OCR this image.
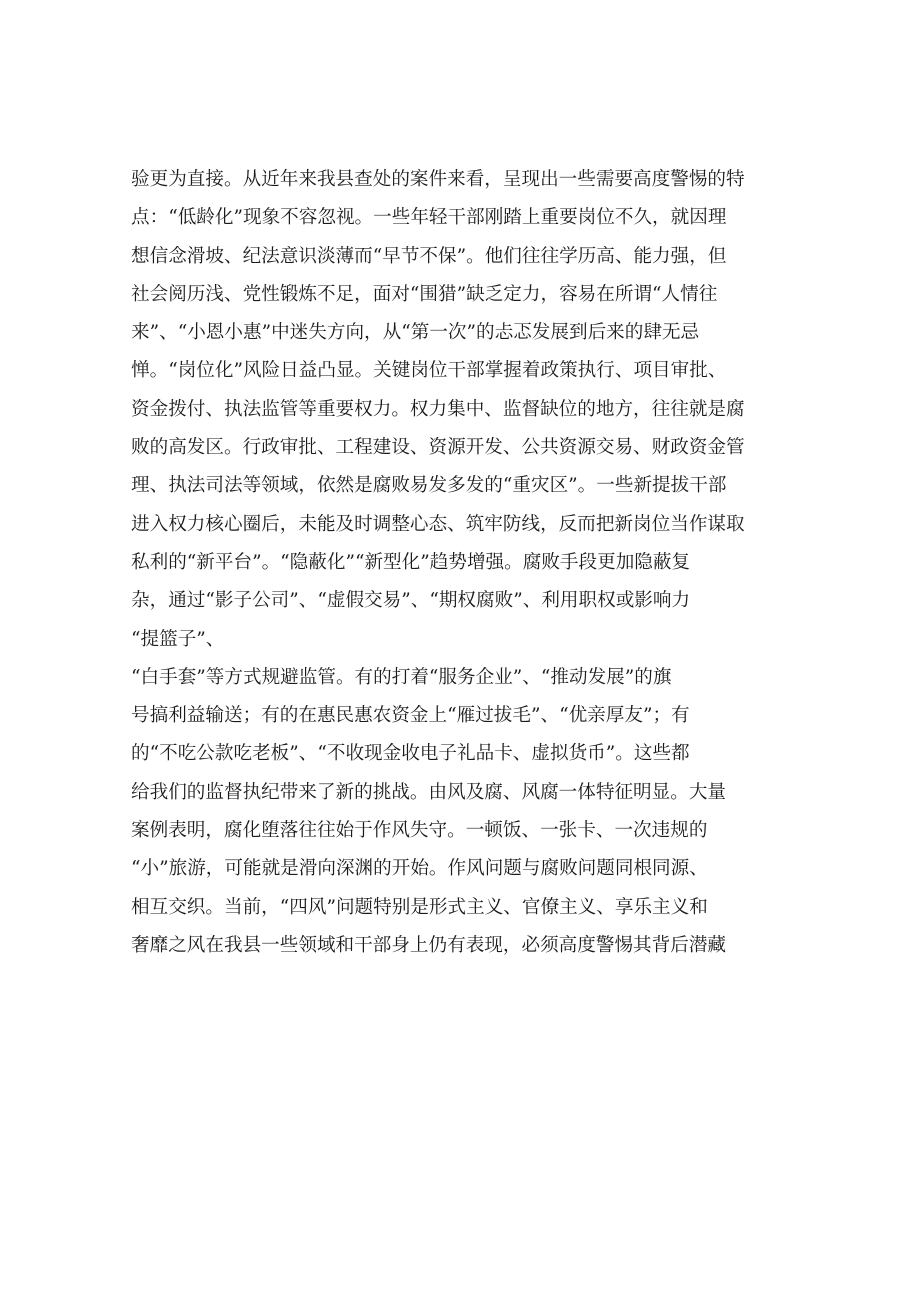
验更为直接。从近年来我县查处的案件来看，呈现出一些需要高度警惕的特
点：“低龄化”现象不容忽视。一些年轻干部刚踏上重要岗位不久，就因理
想信念滑坡、纪法意识淡薄而“早节不保”。他们往往学历高、能力强，但
社会阅历浅、党性锻炼不足，面对“围猎”缺乏定力，容易在所谓“人情往
来”、“小恩小惠”中迷失方向，从“第一次”的忐忑发展到后来的肆无忌
惮。“岗位化”风险日益凸显。关键岗位干部掌握着政策执行、项目审批、
资金拨付、执法监管等重要权力。权力集中、监督缺位的地方，往往就是腐
败的高发区。行政审批、工程建设、资源开发、公共资源交易、财政资金管
理、执法司法等领域，依然是腐败易发多发的“重灾区”。一些新提拔干部
进入权力核心圈后，未能及时调整心态、筑牢防线，反而把新岗位当作谋取
私利的“新平台”。“隐蔽化”“新型化”趋势增强。腐败手段更加隐蔽复
杂，通过“影子公司”、“虚假交易”、“期权腐败”、利用职权或影响力
“提篮子”、
“白手套”等方式规避监管。有的打着“服务企业”、“推动发展”的旗
号搞利益输送；有的在惠民惠农资金上“雁过拔毛”、“优亲厚友”；有
的“不吃公款吃老板”、“不收现金收电子礼品卡、虚拟货币”。这些都
给我们的监督执纪带来了新的挑战。由风及腐、风腐一体特征明显。大量
案例表明，腐化堕落往往始于作风失守。一顿饭、一张卡、一次违规的
“小”旅游，可能就是滑向深渊的开始。作风问题与腐败问题同根同源、
相互交织。当前，“四风”问题特别是形式主义、官僚主义、享乐主义和
奢靡之风在我县一些领域和干部身上仍有表现，必须高度警惕其背后潜藏
